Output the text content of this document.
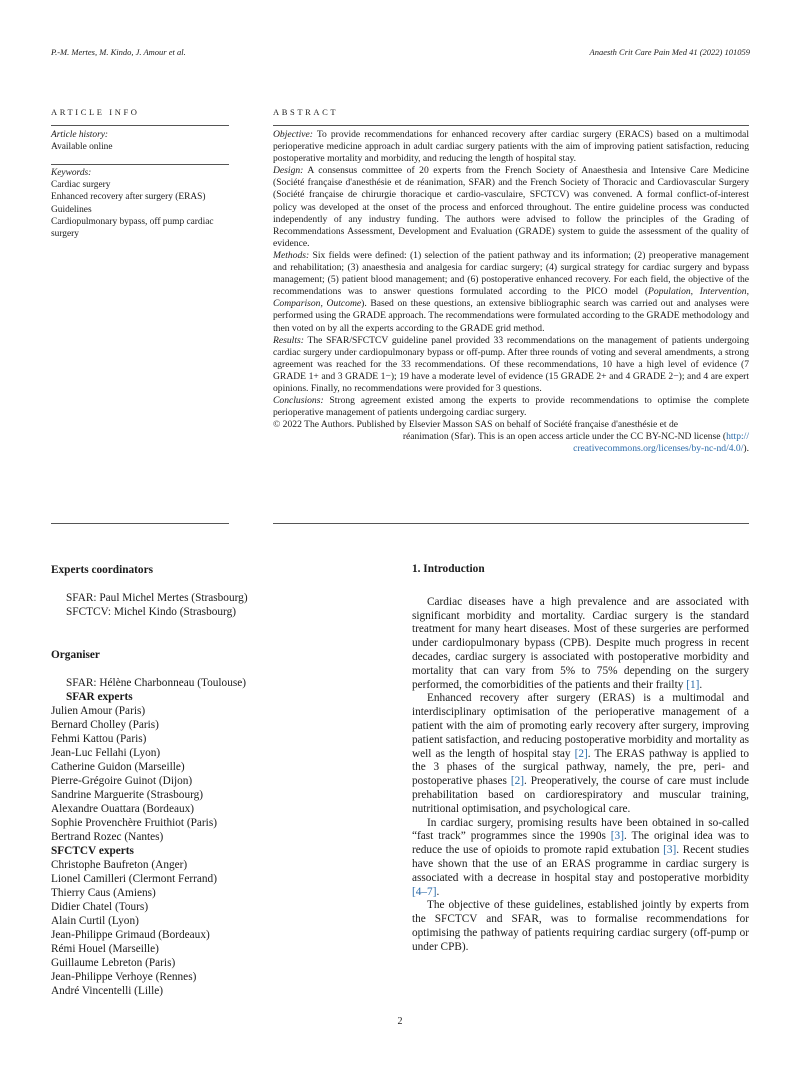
P.-M. Mertes, M. Kindo, J. Amour et al.	Anaesth Crit Care Pain Med 41 (2022) 101059
ARTICLE INFO
Article history:
Available online
Keywords:
Cardiac surgery
Enhanced recovery after surgery (ERAS)
Guidelines
Cardiopulmonary bypass, off pump cardiac
surgery
ABSTRACT

Objective: To provide recommendations for enhanced recovery after cardiac surgery (ERACS) based on a multimodal perioperative medicine approach in adult cardiac surgery patients with the aim of improving patient satisfaction, reducing postoperative mortality and morbidity, and reducing the length of hospital stay.

Design: A consensus committee of 20 experts from the French Society of Anaesthesia and Intensive Care Medicine (Société française d'anesthésie et de réanimation, SFAR) and the French Society of Thoracic and Cardiovascular Surgery (Société française de chirurgie thoracique et cardio-vasculaire, SFCTCV) was convened. A formal conflict-of-interest policy was developed at the onset of the process and enforced throughout. The entire guideline process was conducted independently of any industry funding. The authors were advised to follow the principles of the Grading of Recommendations Assessment, Development and Evaluation (GRADE) system to guide the assessment of the quality of evidence.

Methods: Six fields were defined: (1) selection of the patient pathway and its information; (2) preoperative management and rehabilitation; (3) anaesthesia and analgesia for cardiac surgery; (4) surgical strategy for cardiac surgery and bypass management; (5) patient blood management; and (6) postoperative enhanced recovery. For each field, the objective of the recommendations was to answer questions formulated according to the PICO model (Population, Intervention, Comparison, Outcome). Based on these questions, an extensive bibliographic search was carried out and analyses were performed using the GRADE approach. The recommendations were formulated according to the GRADE methodology and then voted on by all the experts according to the GRADE grid method.

Results: The SFAR/SFCTCV guideline panel provided 33 recommendations on the management of patients undergoing cardiac surgery under cardiopulmonary bypass or off-pump. After three rounds of voting and several amendments, a strong agreement was reached for the 33 recommendations. Of these recommendations, 10 have a high level of evidence (7 GRADE 1+ and 3 GRADE 1−); 19 have a moderate level of evidence (15 GRADE 2+ and 4 GRADE 2−); and 4 are expert opinions. Finally, no recommendations were provided for 3 questions.

Conclusions: Strong agreement existed among the experts to provide recommendations to optimise the complete perioperative management of patients undergoing cardiac surgery.

© 2022 The Authors. Published by Elsevier Masson SAS on behalf of Société française d'anesthésie et de

réanimation (Sfar). This is an open access article under the CC BY-NC-ND license (http://
creativecommons.org/licenses/by-nc-nd/4.0/).

Experts coordinators
SFAR: Paul Michel Mertes (Strasbourg)
SFCTCV: Michel Kindo (Strasbourg)
Organiser
SFAR: Hélène Charbonneau (Toulouse)
SFAR experts
Julien Amour (Paris)
Bernard Cholley (Paris)
Fehmi Kattou (Paris)
Jean-Luc Fellahi (Lyon)
Catherine Guidon (Marseille)
Pierre-Grégoire Guinot (Dijon)
Sandrine Marguerite (Strasbourg)
Alexandre Ouattara (Bordeaux)
Sophie Provenchère Fruithiot (Paris)
Bertrand Rozec (Nantes)
SFCTCV experts
Christophe Baufreton (Anger)
Lionel Camilleri (Clermont Ferrand)
Thierry Caus (Amiens)
Didier Chatel (Tours)
Alain Curtil (Lyon)
Jean-Philippe Grimaud (Bordeaux)
Rémi Houel (Marseille)
Guillaume Lebreton (Paris)
Jean-Philippe Verhoye (Rennes)
André Vincentelli (Lille)
1. Introduction

Cardiac diseases have a high prevalence and are associated with significant morbidity and mortality. Cardiac surgery is the standard treatment for many heart diseases. Most of these surgeries are performed under cardiopulmonary bypass (CPB). Despite much progress in recent decades, cardiac surgery is associated with postoperative morbidity and mortality that can vary from 5% to 75% depending on the surgery performed, the comorbidities of the patients and their frailty [1].

Enhanced recovery after surgery (ERAS) is a multimodal and interdisciplinary optimisation of the perioperative management of a patient with the aim of promoting early recovery after surgery, improving patient satisfaction, and reducing postoperative morbidity and mortality as well as the length of hospital stay [2]. The ERAS pathway is applied to the 3 phases of the surgical pathway, namely, the pre, peri- and postoperative phases [2]. Preoperatively, the course of care must include prehabilitation based on cardiorespiratory and muscular training, nutritional optimisation, and psychological care.

In cardiac surgery, promising results have been obtained in so-called “fast track” programmes since the 1990s [3]. The original idea was to reduce the use of opioids to promote rapid extubation [3]. Recent studies have shown that the use of an ERAS programme in cardiac surgery is associated with a decrease in hospital stay and postoperative morbidity [4–7].

The objective of these guidelines, established jointly by experts from the SFCTCV and SFAR, was to formalise recommendations for optimising the pathway of patients requiring cardiac surgery (off-pump or under CPB).

2
